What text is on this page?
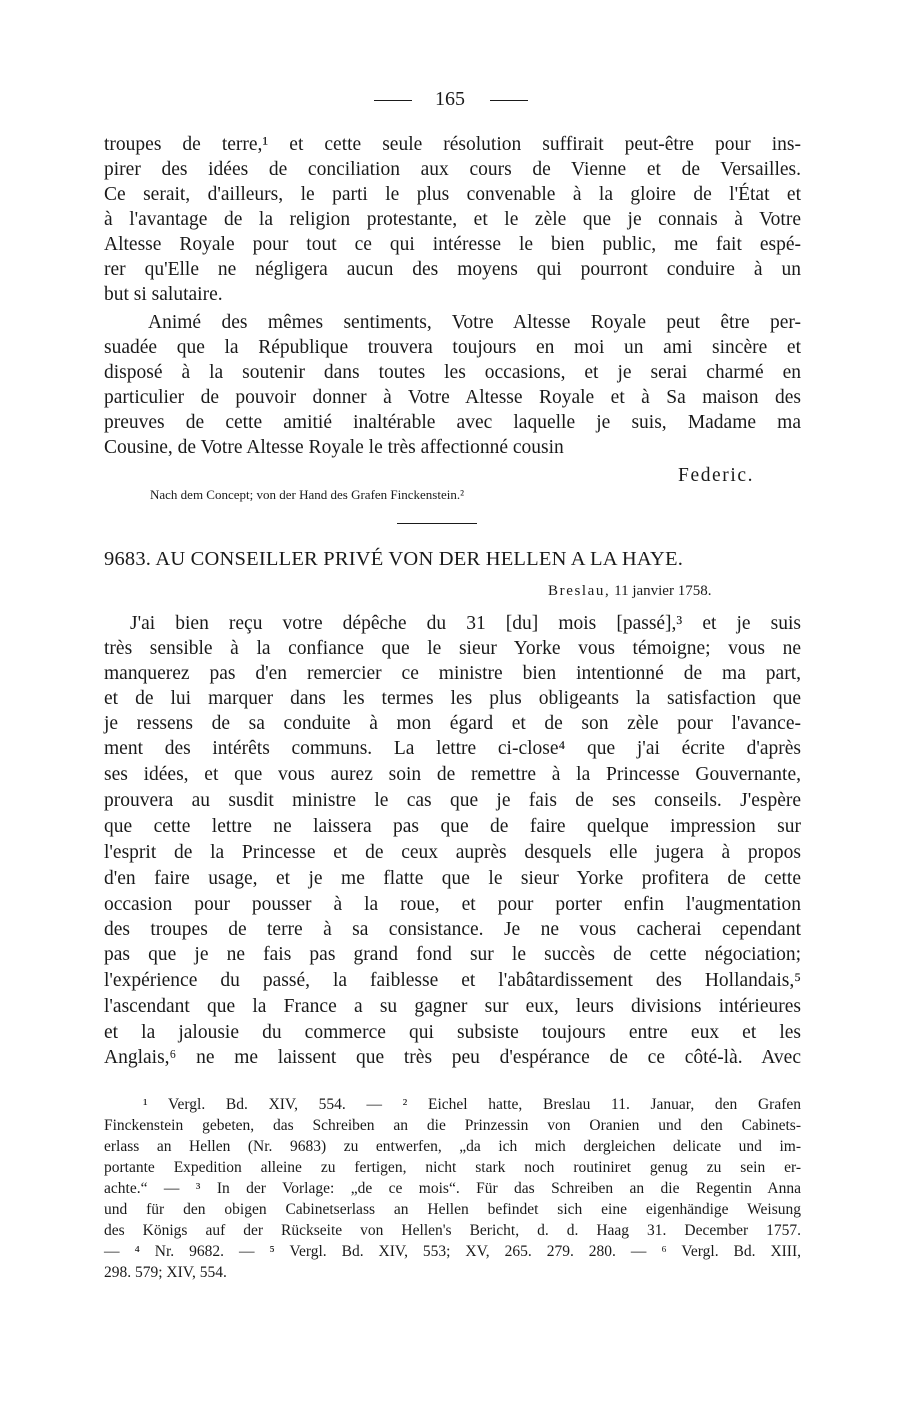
165
troupes de terre,¹ et cette seule résolution suffirait peut-être pour ins-
pirer des idées de conciliation aux cours de Vienne et de Versailles.
Ce serait, d'ailleurs, le parti le plus convenable à la gloire de l'État et
à l'avantage de la religion protestante, et le zèle que je connais à Votre
Altesse Royale pour tout ce qui intéresse le bien public, me fait espé-
rer qu'Elle ne négligera aucun des moyens qui pourront conduire à un
but si salutaire.
Animé des mêmes sentiments, Votre Altesse Royale peut être per-
suadée que la République trouvera toujours en moi un ami sincère et
disposé à la soutenir dans toutes les occasions, et je serai charmé en
particulier de pouvoir donner à Votre Altesse Royale et à Sa maison des
preuves de cette amitié inaltérable avec laquelle je suis, Madame ma
Cousine, de Votre Altesse Royale le très affectionné cousin
Federic.
Nach dem Concept; von der Hand des Grafen Finckenstein.²
9683. AU CONSEILLER PRIVÉ VON DER HELLEN A LA HAYE.
Breslau, 11 janvier 1758.
J'ai bien reçu votre dépêche du 31 [du] mois [passé],³ et je suis
très sensible à la confiance que le sieur Yorke vous témoigne; vous ne
manquerez pas d'en remercier ce ministre bien intentionné de ma part,
et de lui marquer dans les termes les plus obligeants la satisfaction que
je ressens de sa conduite à mon égard et de son zèle pour l'avance-
ment des intérêts communs. La lettre ci-close⁴ que j'ai écrite d'après
ses idées, et que vous aurez soin de remettre à la Princesse Gouvernante,
prouvera au susdit ministre le cas que je fais de ses conseils. J'espère
que cette lettre ne laissera pas que de faire quelque impression sur
l'esprit de la Princesse et de ceux auprès desquels elle jugera à propos
d'en faire usage, et je me flatte que le sieur Yorke profitera de cette
occasion pour pousser à la roue, et pour porter enfin l'augmentation
des troupes de terre à sa consistance. Je ne vous cacherai cependant
pas que je ne fais pas grand fond sur le succès de cette négociation;
l'expérience du passé, la faiblesse et l'abâtardissement des Hollandais,⁵
l'ascendant que la France a su gagner sur eux, leurs divisions intérieures
et la jalousie du commerce qui subsiste toujours entre eux et les
Anglais,⁶ ne me laissent que très peu d'espérance de ce côté-là. Avec
¹ Vergl. Bd. XIV, 554. — ² Eichel hatte, Breslau 11. Januar, den Grafen
Finckenstein gebeten, das Schreiben an die Prinzessin von Oranien und den Cabinets-
erlass an Hellen (Nr. 9683) zu entwerfen, „da ich mich dergleichen delicate und im-
portante Expedition alleine zu fertigen, nicht stark noch routiniret genug zu sein er-
achte.“ — ³ In der Vorlage: „de ce mois“. Für das Schreiben an die Regentin Anna
und für den obigen Cabinetserlass an Hellen befindet sich eine eigenhändige Weisung
des Königs auf der Rückseite von Hellen's Bericht, d. d. Haag 31. December 1757.
— ⁴ Nr. 9682. — ⁵ Vergl. Bd. XIV, 553; XV, 265. 279. 280. — ⁶ Vergl. Bd. XIII,
298. 579; XIV, 554.
